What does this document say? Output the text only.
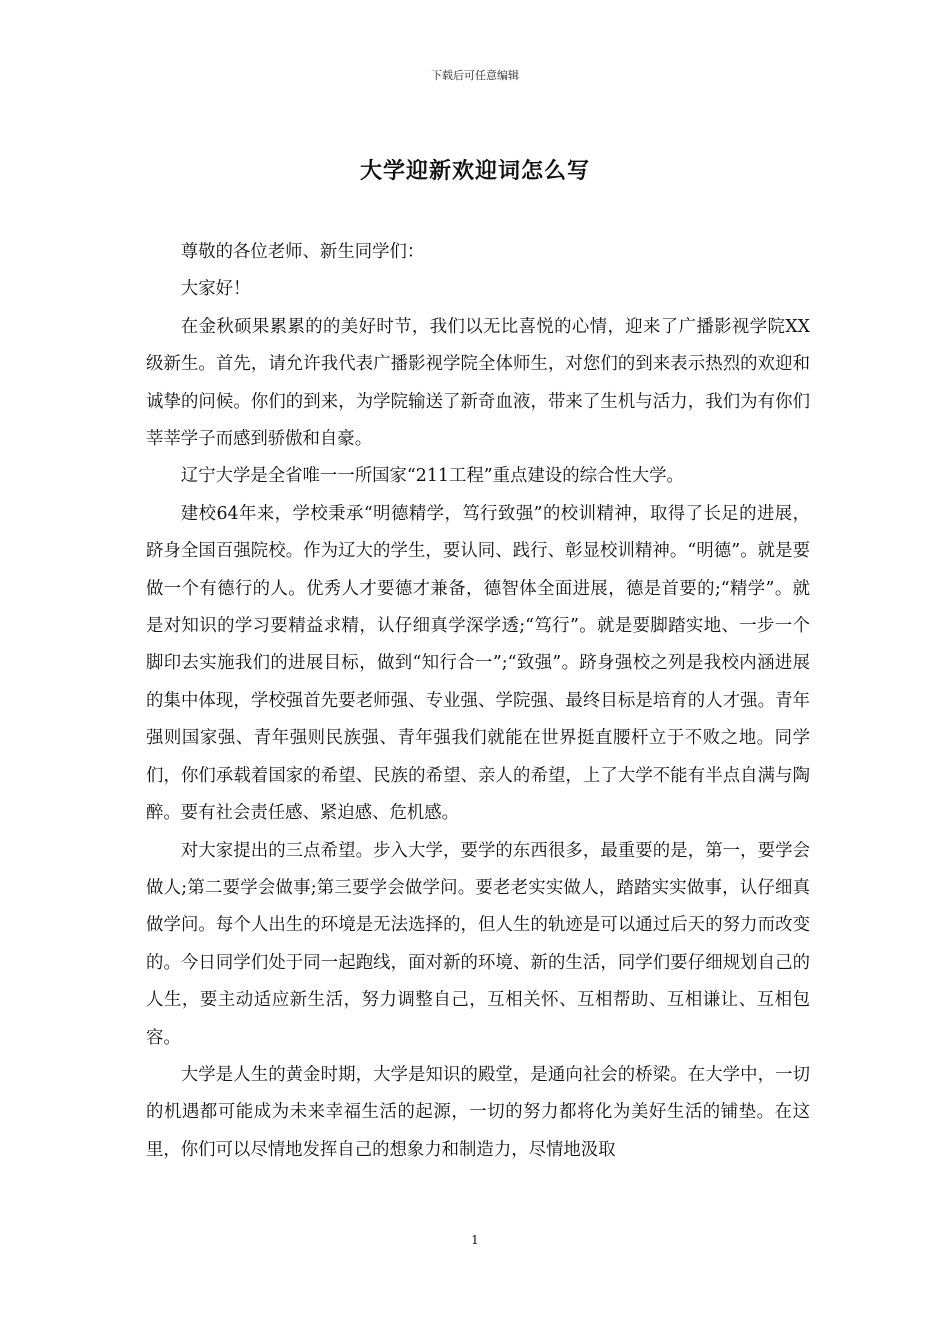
下载后可任意编辑
大学迎新欢迎词怎么写

尊敬的各位老师、新生同学们：

大家好！

在金秋硕果累累的的美好时节，我们以无比喜悦的心情，迎来了广播影视学院XX级新生。首先，请允许我代表广播影视学院全体师生，对您们的到来表示热烈的欢迎和诚挚的问候。你们的到来，为学院输送了新奇血液，带来了生机与活力，我们为有你们莘莘学子而感到骄傲和自豪。

辽宁大学是全省唯一一所国家“211工程”重点建设的综合性大学。

建校64年来，学校秉承“明德精学，笃行致强”的校训精神，取得了长足的进展，跻身全国百强院校。作为辽大的学生，要认同、践行、彰显校训精神。“明德”。就是要做一个有德行的人。优秀人才要德才兼备，德智体全面进展，德是首要的;“精学”。就是对知识的学习要精益求精，认仔细真学深学透;“笃行”。就是要脚踏实地、一步一个脚印去实施我们的进展目标，做到“知行合一”;“致强”。跻身强校之列是我校内涵进展的集中体现，学校强首先要老师强、专业强、学院强、最终目标是培育的人才强。青年强则国家强、青年强则民族强、青年强我们就能在世界挺直腰杆立于不败之地。同学们，你们承载着国家的希望、民族的希望、亲人的希望，上了大学不能有半点自满与陶醉。要有社会责任感、紧迫感、危机感。

对大家提出的三点希望。步入大学，要学的东西很多，最重要的是，第一，要学会做人;第二要学会做事;第三要学会做学问。要老老实实做人，踏踏实实做事，认仔细真做学问。每个人出生的环境是无法选择的，但人生的轨迹是可以通过后天的努力而改变的。今日同学们处于同一起跑线，面对新的环境、新的生活，同学们要仔细规划自己的人生，要主动适应新生活，努力调整自己，互相关怀、互相帮助、互相谦让、互相包容。

大学是人生的黄金时期，大学是知识的殿堂，是通向社会的桥梁。在大学中，一切的机遇都可能成为未来幸福生活的起源，一切的努力都将化为美好生活的铺垫。在这里，你们可以尽情地发挥自己的想象力和制造力，尽情地汲取

1
